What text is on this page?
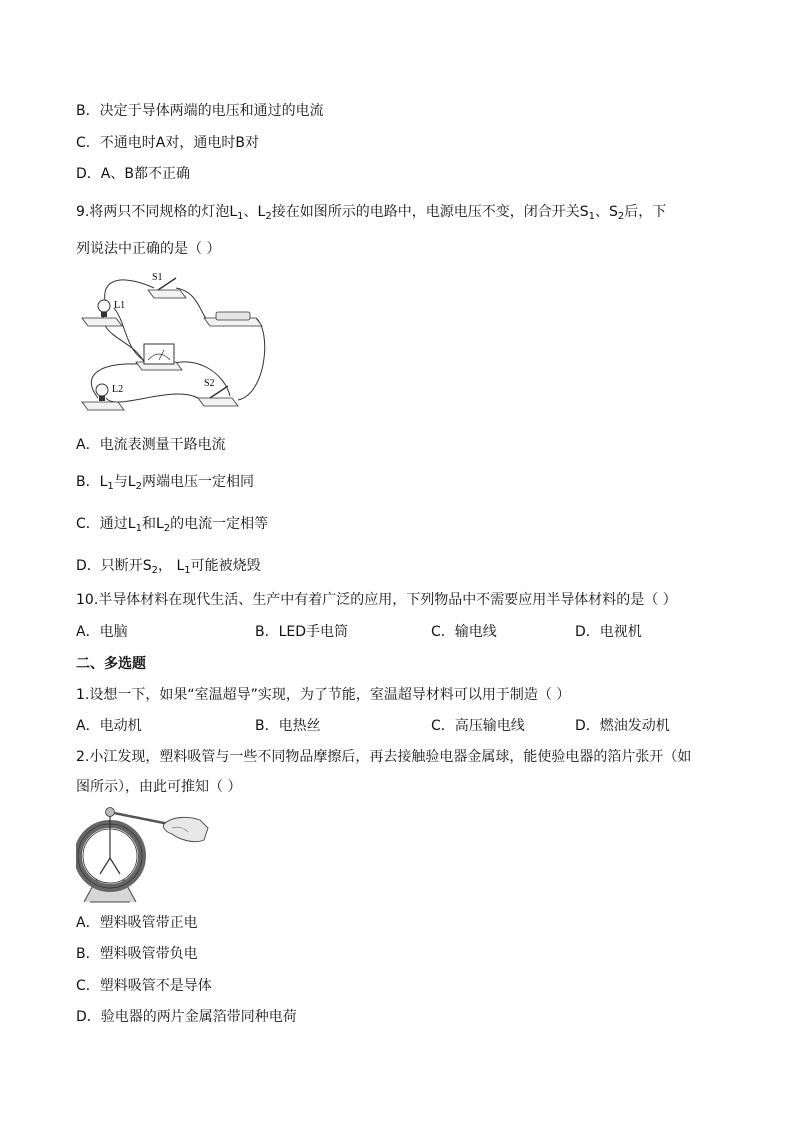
B．决定于导体两端的电压和通过的电流
C．不通电时A对，通电时B对
D．A、B都不正确
9.将两只不同规格的灯泡$L_1$、$L_2$接在如图所示的电路中，电源电压不变，闭合开关$S_1$、$S_2$后，下
列说法中正确的是（ ）
S1
L1
S2
L2
A．电流表测量干路电流
B．$L_1$与$L_2$两端电压一定相同
C．通过$L_1$和$L_2$的电流一定相等
D．只断开$S_2$， $L_1$可能被烧毁
10.半导体材料在现代生活、生产中有着广泛的应用，下列物品中不需要应用半导体材料的是（ ）
A．电脑	B．LED手电筒	C．输电线	D．电视机
二、多选题
1.设想一下，如果“室温超导”实现，为了节能，室温超导材料可以用于制造（ ）
A．电动机	B．电热丝	C．高压输电线	D．燃油发动机
2.小江发现，塑料吸管与一些不同物品摩擦后，再去接触验电器金属球，能使验电器的箔片张开（如
图所示），由此可推知（ ）
A．塑料吸管带正电
B．塑料吸管带负电
C．塑料吸管不是导体
D．验电器的两片金属箔带同种电荷
